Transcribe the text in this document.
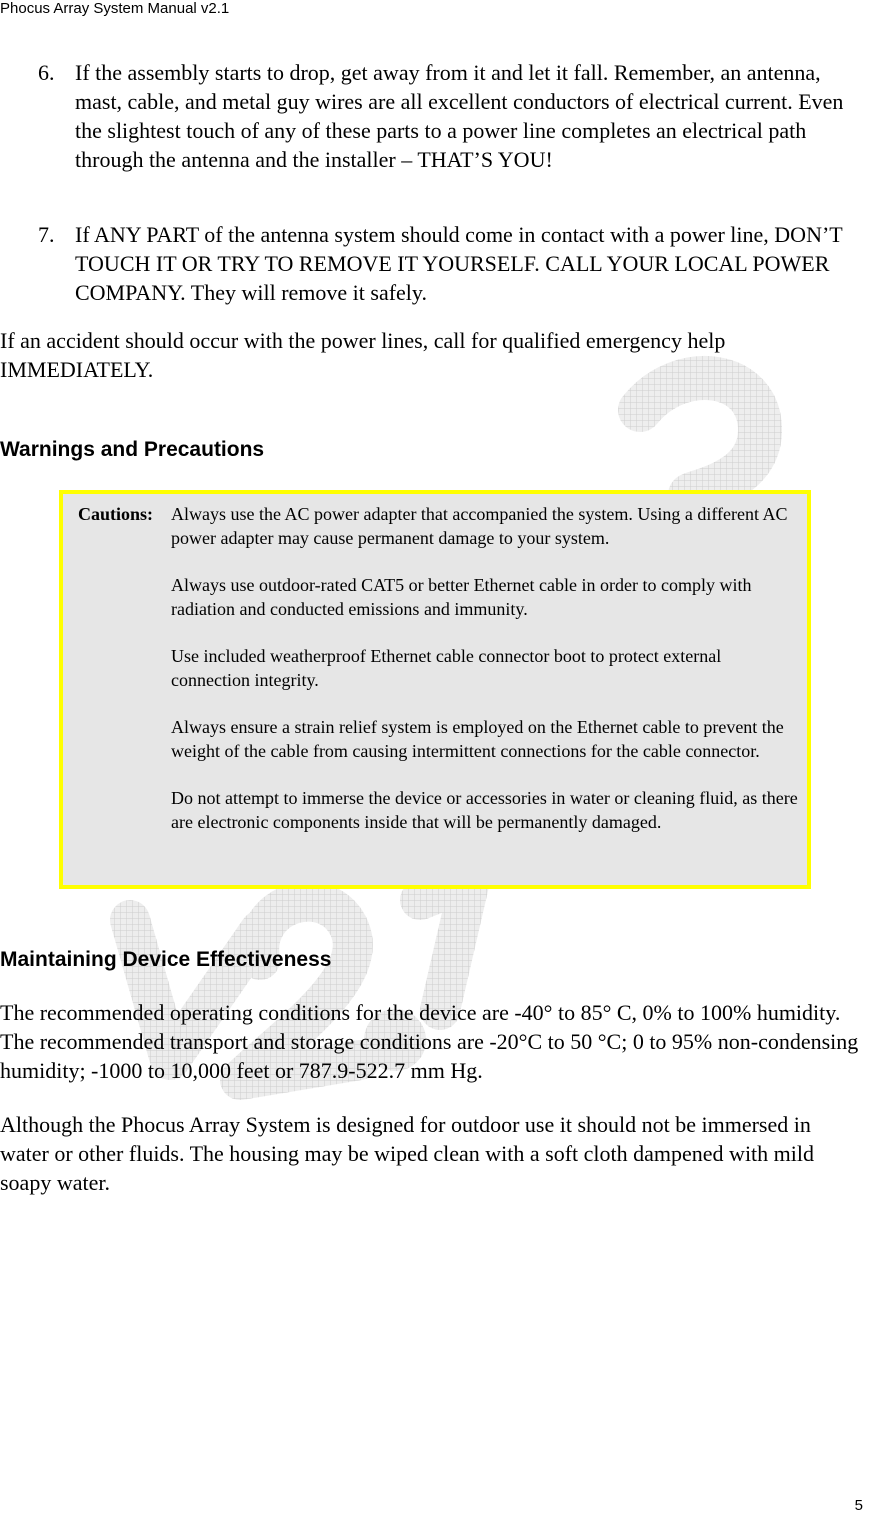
Phocus Array System Manual v2.1
6. If the assembly starts to drop, get away from it and let it fall. Remember, an antenna, mast, cable, and metal guy wires are all excellent conductors of electrical current. Even the slightest touch of any of these parts to a power line completes an electrical path through the antenna and the installer – THAT’S YOU!
7. If ANY PART of the antenna system should come in contact with a power line, DON’T TOUCH IT OR TRY TO REMOVE IT YOURSELF. CALL YOUR LOCAL POWER COMPANY. They will remove it safely.

If an accident should occur with the power lines, call for qualified emergency help IMMEDIATELY.

Warnings and Precautions
Cautions: Always use the AC power adapter that accompanied the system. Using a different AC power adapter may cause permanent damage to your system.
Always use outdoor-rated CAT5 or better Ethernet cable in order to comply with radiation and conducted emissions and immunity.
Use included weatherproof Ethernet cable connector boot to protect external connection integrity.
Always ensure a strain relief system is employed on the Ethernet cable to prevent the weight of the cable from causing intermittent connections for the cable connector.
Do not attempt to immerse the device or accessories in water or cleaning fluid, as there are electronic components inside that will be permanently damaged.
Maintaining Device Effectiveness

The recommended operating conditions for the device are -40° to 85° C, 0% to 100% humidity. The recommended transport and storage conditions are -20°C to 50 °C; 0 to 95% non-condensing humidity; -1000 to 10,000 feet or 787.9-522.7 mm Hg.

Although the Phocus Array System is designed for outdoor use it should not be immersed in water or other fluids. The housing may be wiped clean with a soft cloth dampened with mild soapy water.

5
